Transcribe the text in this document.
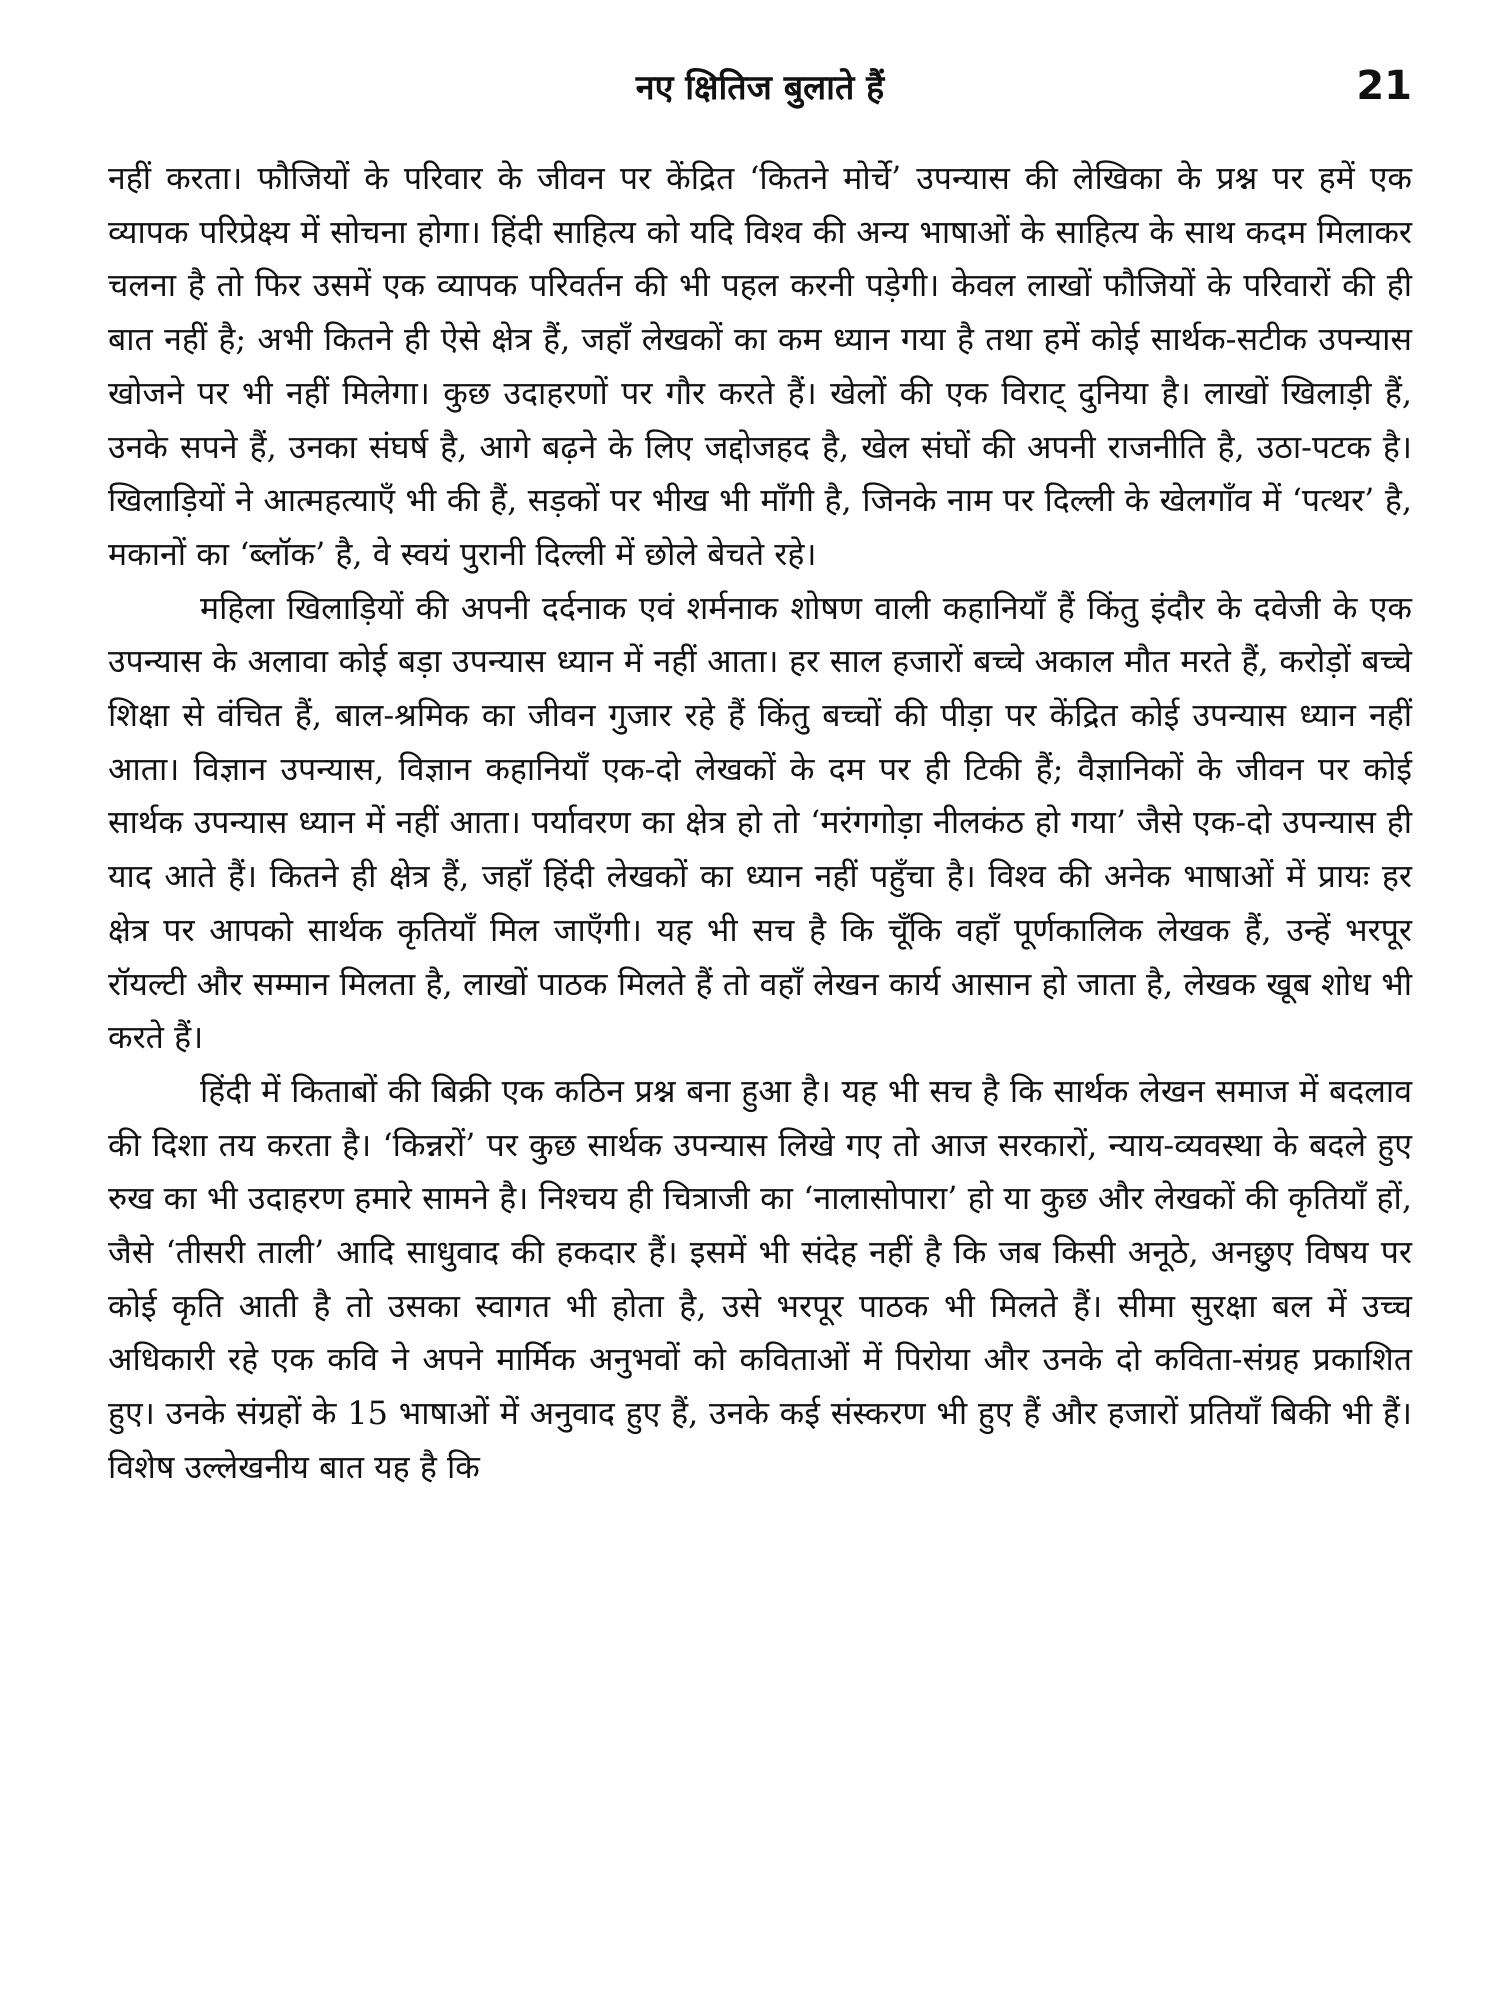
नए क्षितिज बुलाते हैं	21

नहीं करता। फौजियों के परिवार के जीवन पर केंद्रित ‘कितने मोर्चे’ उपन्यास की लेखिका के प्रश्न पर हमें एक व्यापक परिप्रेक्ष्य में सोचना होगा। हिंदी साहित्य को यदि विश्व की अन्य भाषाओं के साहित्य के साथ कदम मिलाकर चलना है तो फिर उसमें एक व्यापक परिवर्तन की भी पहल करनी पड़ेगी। केवल लाखों फौजियों के परिवारों की ही बात नहीं है; अभी कितने ही ऐसे क्षेत्र हैं, जहाँ लेखकों का कम ध्यान गया है तथा हमें कोई सार्थक-सटीक उपन्यास खोजने पर भी नहीं मिलेगा। कुछ उदाहरणों पर गौर करते हैं। खेलों की एक विराट् दुनिया है। लाखों खिलाड़ी हैं, उनके सपने हैं, उनका संघर्ष है, आगे बढ़ने के लिए जद्दोजहद है, खेल संघों की अपनी राजनीति है, उठा-पटक है। खिलाड़ियों ने आत्महत्याएँ भी की हैं, सड़कों पर भीख भी माँगी है, जिनके नाम पर दिल्ली के खेलगाँव में ‘पत्थर’ है, मकानों का ‘ब्लॉक’ है, वे स्वयं पुरानी दिल्ली में छोले बेचते रहे।

महिला खिलाड़ियों की अपनी दर्दनाक एवं शर्मनाक शोषण वाली कहानियाँ हैं किंतु इंदौर के दवेजी के एक उपन्यास के अलावा कोई बड़ा उपन्यास ध्यान में नहीं आता। हर साल हजारों बच्चे अकाल मौत मरते हैं, करोड़ों बच्चे शिक्षा से वंचित हैं, बाल-श्रमिक का जीवन गुजार रहे हैं किंतु बच्चों की पीड़ा पर केंद्रित कोई उपन्यास ध्यान नहीं आता। विज्ञान उपन्यास, विज्ञान कहानियाँ एक-दो लेखकों के दम पर ही टिकी हैं; वैज्ञानिकों के जीवन पर कोई सार्थक उपन्यास ध्यान में नहीं आता। पर्यावरण का क्षेत्र हो तो ‘मरंगगोड़ा नीलकंठ हो गया’ जैसे एक-दो उपन्यास ही याद आते हैं। कितने ही क्षेत्र हैं, जहाँ हिंदी लेखकों का ध्यान नहीं पहुँचा है। विश्व की अनेक भाषाओं में प्रायः हर क्षेत्र पर आपको सार्थक कृतियाँ मिल जाएँगी। यह भी सच है कि चूँकि वहाँ पूर्णकालिक लेखक हैं, उन्हें भरपूर रॉयल्टी और सम्मान मिलता है, लाखों पाठक मिलते हैं तो वहाँ लेखन कार्य आसान हो जाता है, लेखक खूब शोध भी करते हैं।

हिंदी में किताबों की बिक्री एक कठिन प्रश्न बना हुआ है। यह भी सच है कि सार्थक लेखन समाज में बदलाव की दिशा तय करता है। ‘किन्नरों’ पर कुछ सार्थक उपन्यास लिखे गए तो आज सरकारों, न्याय-व्यवस्था के बदले हुए रुख का भी उदाहरण हमारे सामने है। निश्चय ही चित्राजी का ‘नालासोपारा’ हो या कुछ और लेखकों की कृतियाँ हों, जैसे ‘तीसरी ताली’ आदि साधुवाद की हकदार हैं। इसमें भी संदेह नहीं है कि जब किसी अनूठे, अनछुए विषय पर कोई कृति आती है तो उसका स्वागत भी होता है, उसे भरपूर पाठक भी मिलते हैं। सीमा सुरक्षा बल में उच्च अधिकारी रहे एक कवि ने अपने मार्मिक अनुभवों को कविताओं में पिरोया और उनके दो कविता-संग्रह प्रकाशित हुए। उनके संग्रहों के 15 भाषाओं में अनुवाद हुए हैं, उनके कई संस्करण भी हुए हैं और हजारों प्रतियाँ बिकी भी हैं। विशेष उल्लेखनीय बात यह है कि
